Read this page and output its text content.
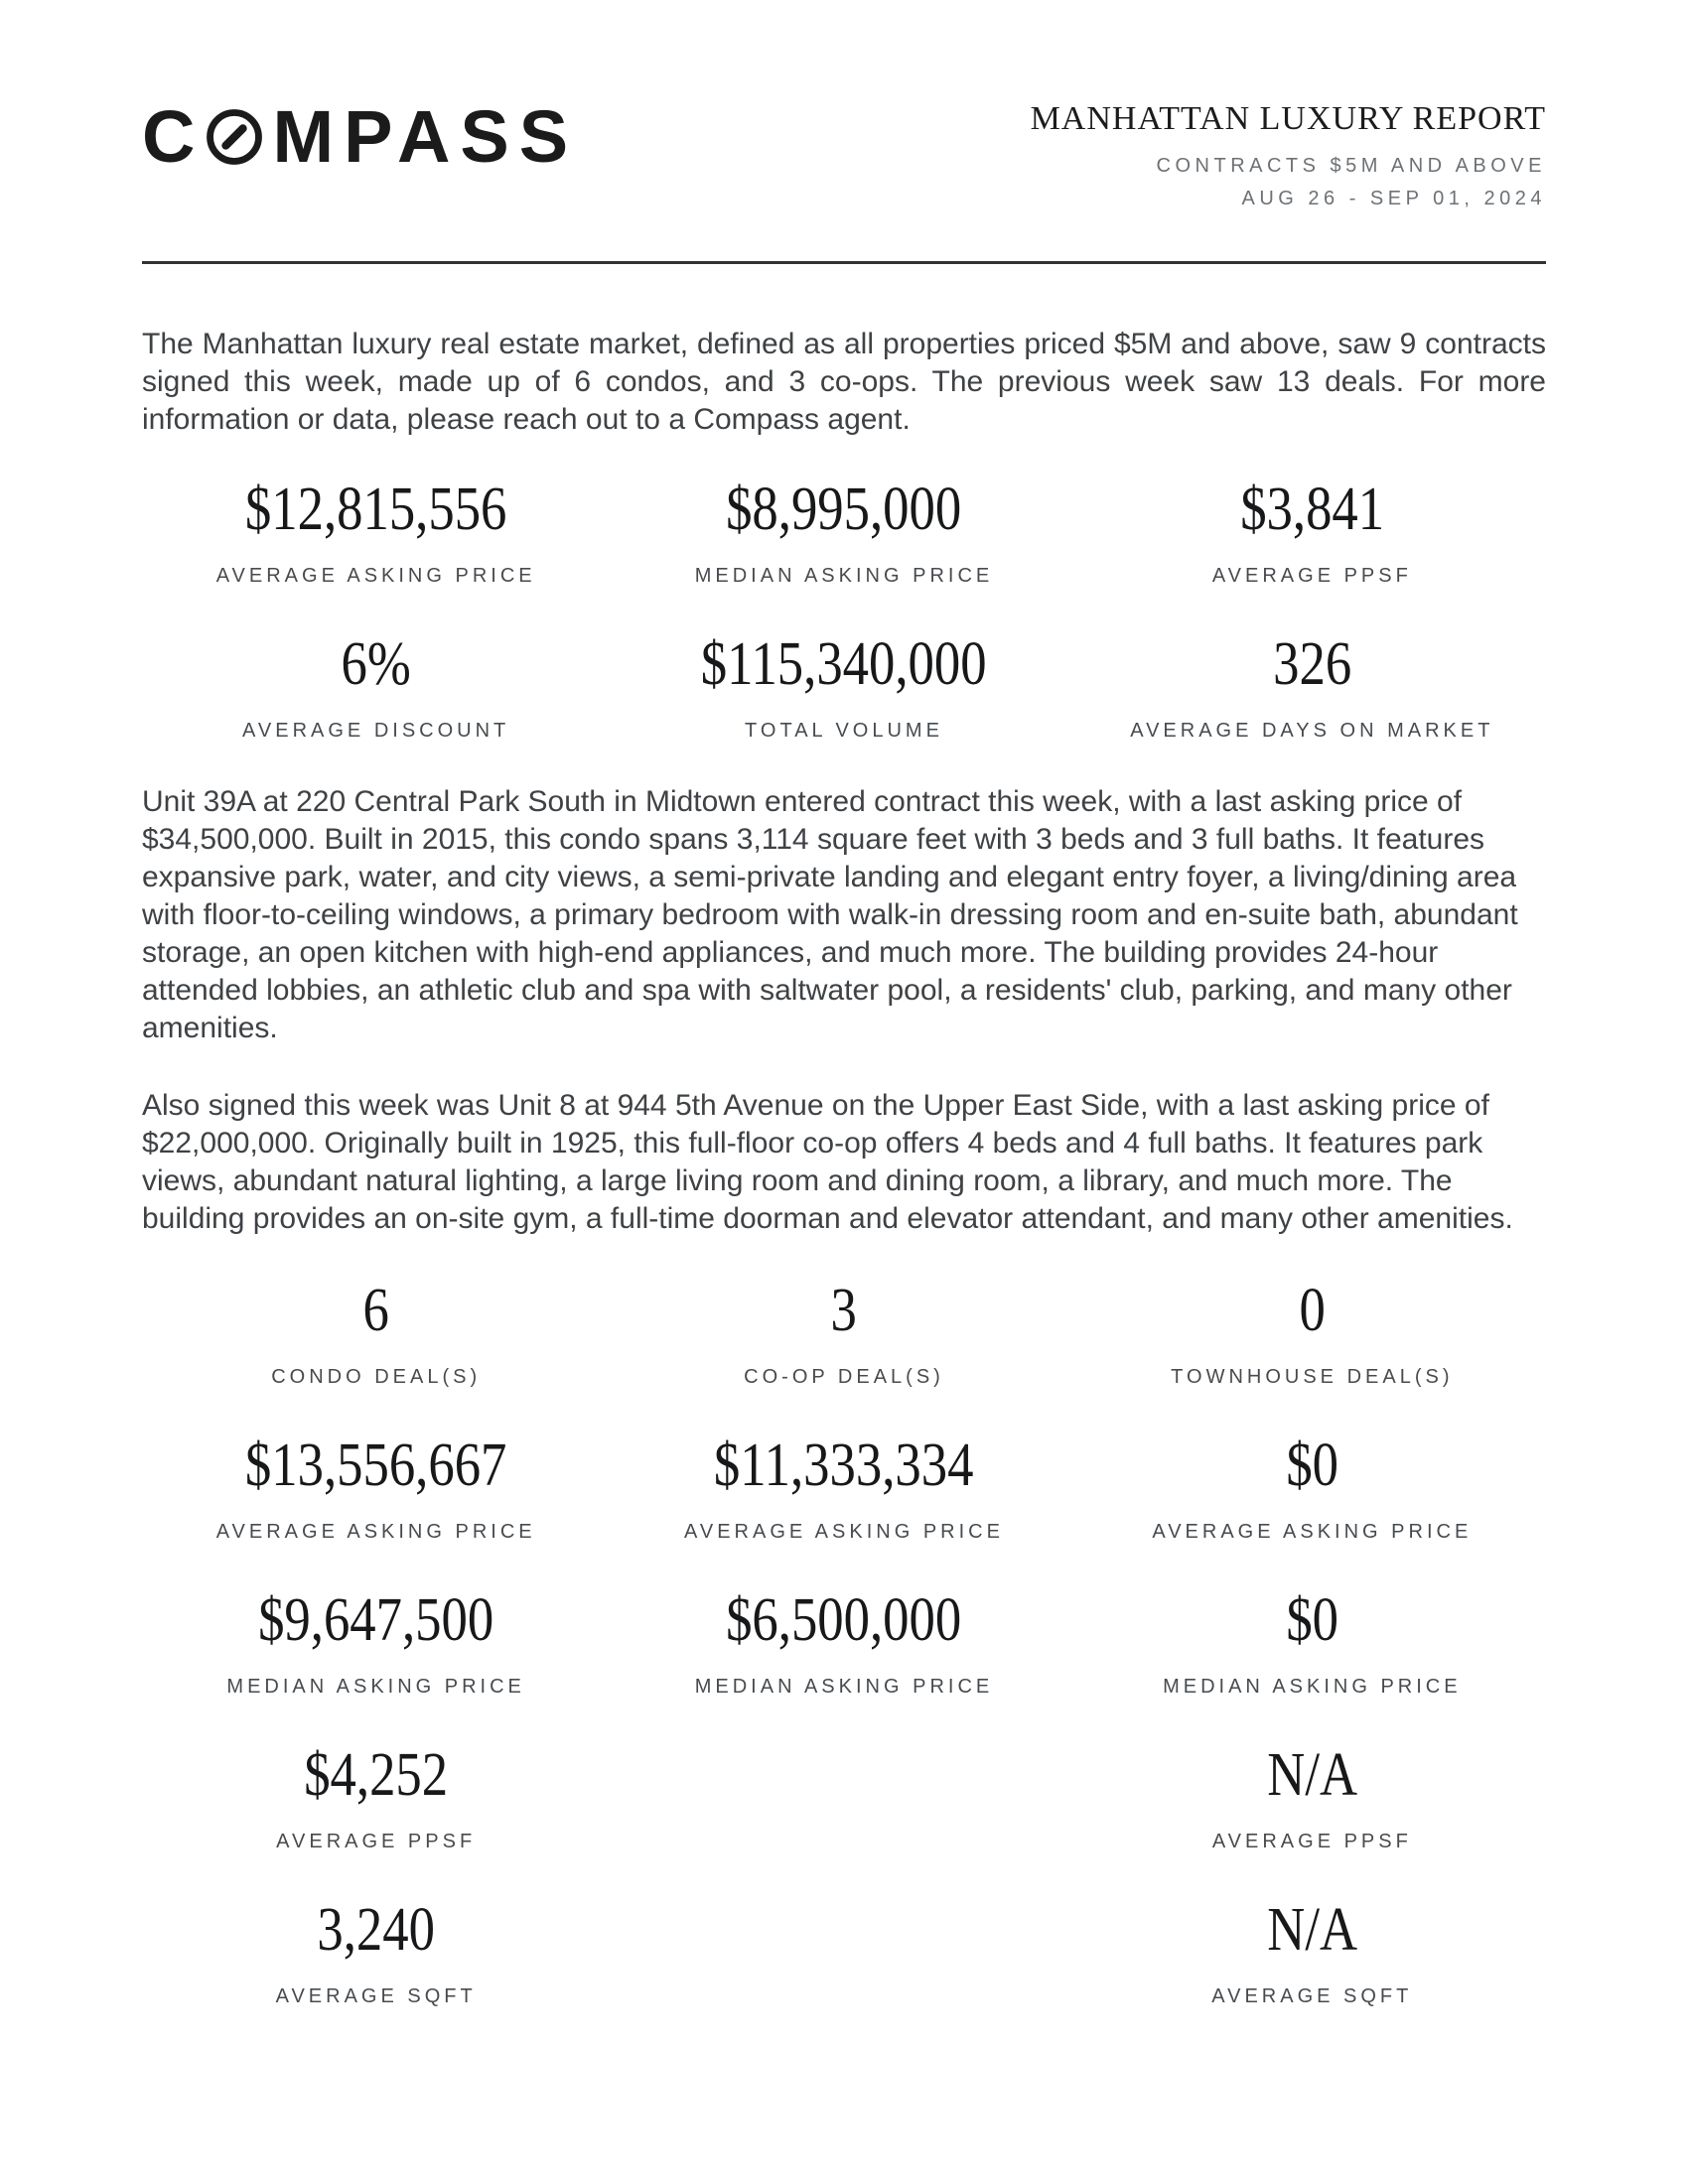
C MPASS	MANHATTAN LUXURY REPORT
CONTRACTS $5M AND ABOVE
AUG 26 - SEP 01, 2024

The Manhattan luxury real estate market, defined as all properties priced $5M and above, saw 9 contracts signed this week, made up of 6 condos, and 3 co-ops. The previous week saw 13 deals. For more information or data, please reach out to a Compass agent.

$12,815,556
AVERAGE ASKING PRICE
$8,995,000
MEDIAN ASKING PRICE
$3,841
AVERAGE PPSF
6%
AVERAGE DISCOUNT
$115,340,000
TOTAL VOLUME
326
AVERAGE DAYS ON MARKET

Unit 39A at 220 Central Park South in Midtown entered contract this week, with a last asking price of $34,500,000. Built in 2015, this condo spans 3,114 square feet with 3 beds and 3 full baths. It features expansive park, water, and city views, a semi-private landing and elegant entry foyer, a living/dining area with floor-to-ceiling windows, a primary bedroom with walk-in dressing room and en-suite bath, abundant storage, an open kitchen with high-end appliances, and much more. The building provides 24-hour attended lobbies, an athletic club and spa with saltwater pool, a residents' club, parking, and many other amenities.

Also signed this week was Unit 8 at 944 5th Avenue on the Upper East Side, with a last asking price of $22,000,000. Originally built in 1925, this full-floor co-op offers 4 beds and 4 full baths. It features park views, abundant natural lighting, a large living room and dining room, a library, and much more. The building provides an on-site gym, a full-time doorman and elevator attendant, and many other amenities.

6
CONDO DEAL(S)
3
CO-OP DEAL(S)
0
TOWNHOUSE DEAL(S)
$13,556,667
AVERAGE ASKING PRICE
$11,333,334
AVERAGE ASKING PRICE
$0
AVERAGE ASKING PRICE
$9,647,500
MEDIAN ASKING PRICE
$6,500,000
MEDIAN ASKING PRICE
$0
MEDIAN ASKING PRICE
$4,252
AVERAGE PPSF
N/A
AVERAGE PPSF
3,240
AVERAGE SQFT
N/A
AVERAGE SQFT
